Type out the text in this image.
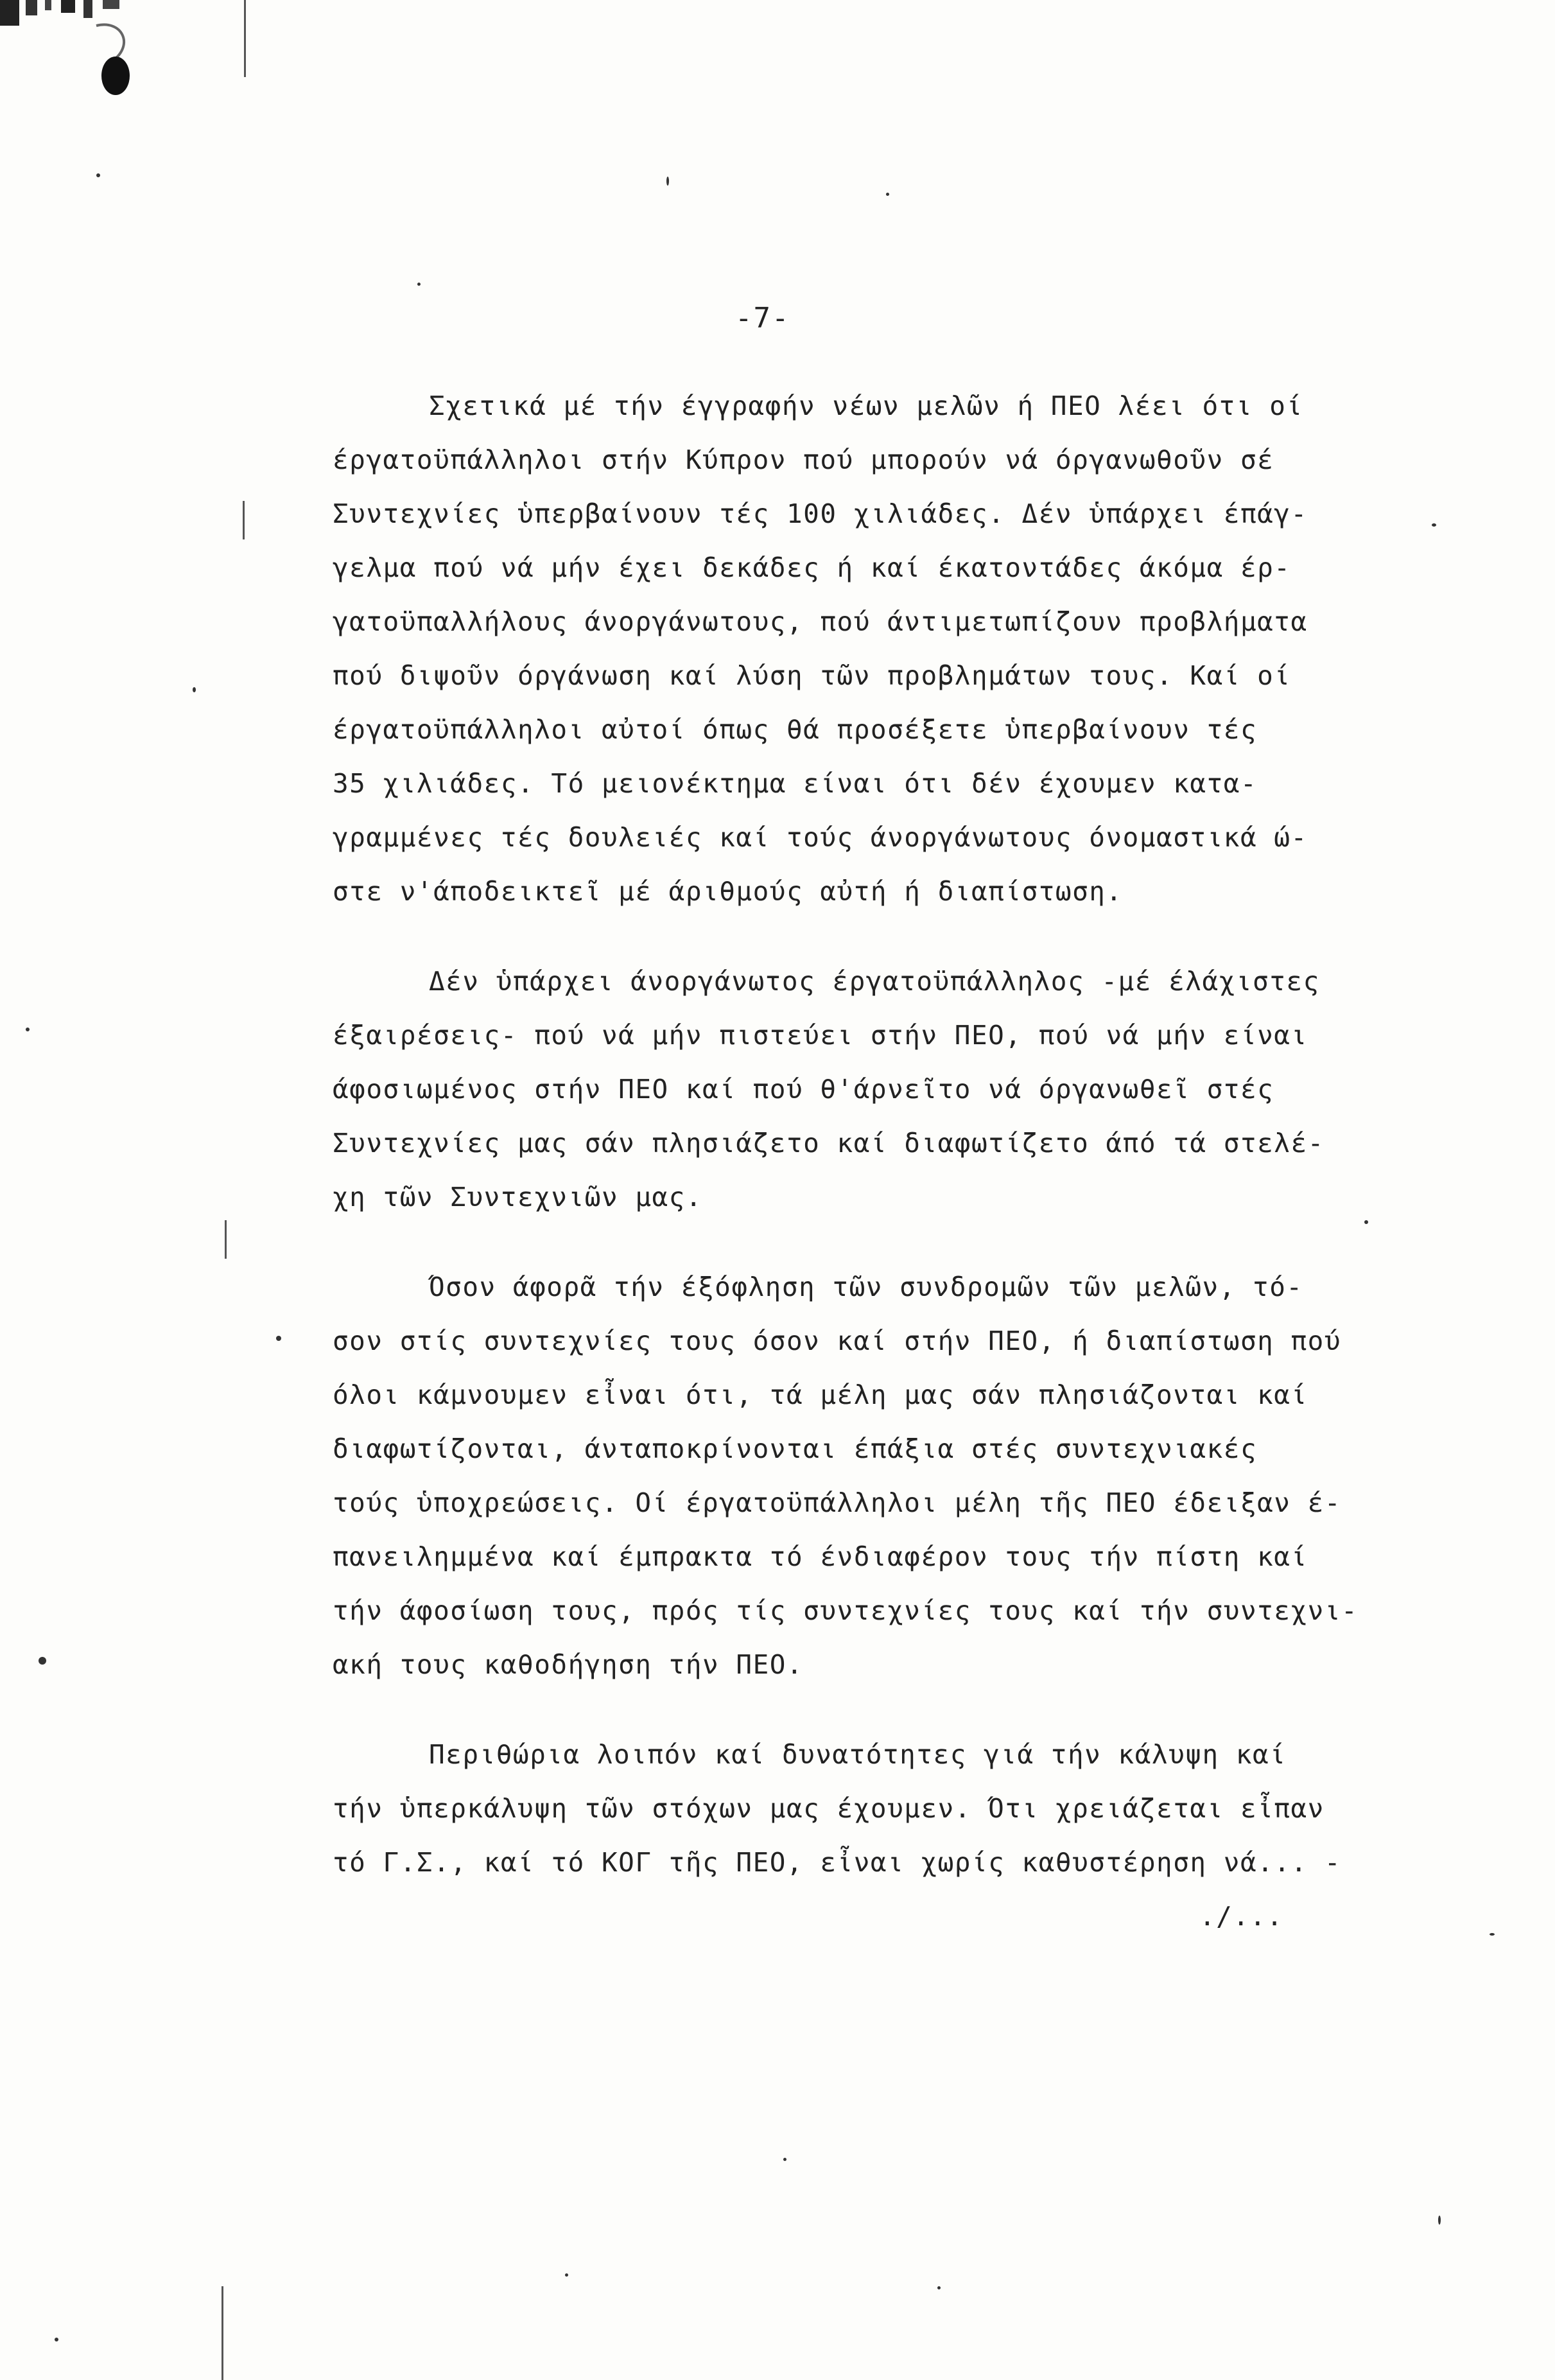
-7-
Σχετικά μέ τήν έγγραφήν νέων μελῶν ή ΠΕΟ λέει ότι οί
έργατοϋπάλληλοι στήν Κύπρον πού μπορούν νά όργανωθοῦν σέ
Συντεχνίες ὑπερβαίνουν τές 100 χιλιάδες. Δέν ὑπάρχει έπάγ-
γελμα πού νά μήν έχει δεκάδες ή καί έκατοντάδες άκόμα έρ-
γατοϋπαλλήλους άνοργάνωτους, πού άντιμετωπίζουν προβλήματα
πού διψοῦν όργάνωση καί λύση τῶν προβλημάτων τους. Καί οί
έργατοϋπάλληλοι αὐτοί όπως θά προσέξετε ὑπερβαίνουν τές
35 χιλιάδες. Τό μειονέκτημα είναι ότι δέν έχουμεν κατα-
γραμμένες τές δουλειές καί τούς άνοργάνωτους όνομαστικά ώ-
στε ν'άποδεικτεῖ μέ άριθμούς αὐτή ή διαπίστωση.
Δέν ὑπάρχει άνοργάνωτος έργατοϋπάλληλος -μέ έλάχιστες
έξαιρέσεις- πού νά μήν πιστεύει στήν ΠΕΟ, πού νά μήν είναι
άφοσιωμένος στήν ΠΕΟ καί πού θ'άρνεῖτο νά όργανωθεῖ στές
Συντεχνίες μας σάν πλησιάζετο καί διαφωτίζετο άπό τά στελέ-
χη τῶν Συντεχνιῶν μας.
Όσον άφορᾶ τήν έξόφληση τῶν συνδρομῶν τῶν μελῶν, τό-
σον στίς συντεχνίες τους όσον καί στήν ΠΕΟ, ή διαπίστωση πού
όλοι κάμνουμεν εἶναι ότι, τά μέλη μας σάν πλησιάζονται καί
διαφωτίζονται, άνταποκρίνονται έπάξια στές συντεχνιακές
τούς ὑποχρεώσεις. Οί έργατοϋπάλληλοι μέλη τῆς ΠΕΟ έδειξαν έ-
πανειλημμένα καί έμπρακτα τό ένδιαφέρον τους τήν πίστη καί
τήν άφοσίωση τους, πρός τίς συντεχνίες τους καί τήν συντεχνι-
ακή τους καθοδήγηση τήν ΠΕΟ.
Περιθώρια λοιπόν καί δυνατότητες γιά τήν κάλυψη καί
τήν ὑπερκάλυψη τῶν στόχων μας έχουμεν. Ότι χρειάζεται εἶπαν
τό Γ.Σ., καί τό ΚΟΓ τῆς ΠΕΟ, εἶναι χωρίς καθυστέρηση νά... -
./...
